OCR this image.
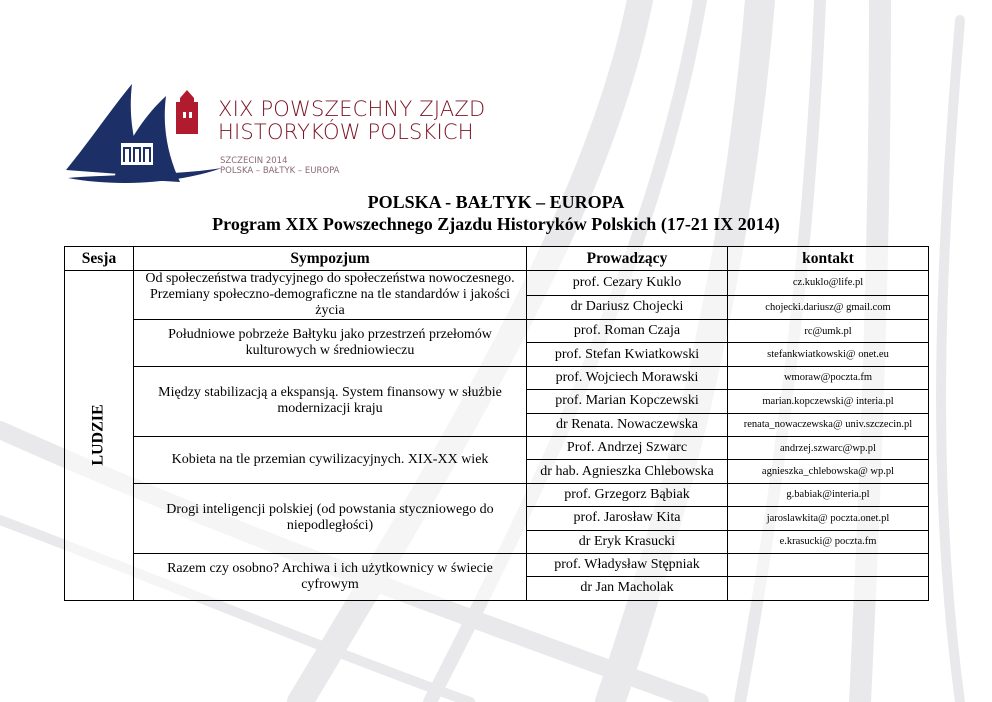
XIX POWSZECHNY ZJAZD
HISTORYKÓW POLSKICH
SZCZECIN 2014
POLSKA – BAŁTYK – EUROPA
POLSKA - BAŁTYK – EUROPA
Program XIX Powszechnego Zjazdu Historyków Polskich (17-21 IX 2014)
Sesja	Sympozjum	Prowadzący	kontakt
LUDZIE	Od społeczeństwa tradycyjnego do społeczeństwa nowoczesnego. Przemiany społeczno-demograficzne na tle standardów i jakości życia	prof. Cezary Kuklo	cz.kuklo@life.pl
		dr Dariusz Chojecki	chojecki.dariusz@ gmail.com
	Południowe pobrzeże Bałtyku jako przestrzeń przełomów kulturowych w średniowieczu	prof. Roman Czaja	rc@umk.pl
		prof. Stefan Kwiatkowski	stefankwiatkowski@ onet.eu
	Między stabilizacją a ekspansją. System finansowy w służbie modernizacji kraju	prof. Wojciech Morawski	wmoraw@poczta.fm
		prof. Marian Kopczewski	marian.kopczewski@ interia.pl
		dr Renata. Nowaczewska	renata_nowaczewska@ univ.szczecin.pl
	Kobieta na tle przemian cywilizacyjnych. XIX-XX wiek	Prof. Andrzej Szwarc	andrzej.szwarc@wp.pl
		dr hab. Agnieszka Chlebowska	agnieszka_chlebowska@ wp.pl
	Drogi inteligencji polskiej (od powstania styczniowego do niepodległości)	prof. Grzegorz Bąbiak	g.babiak@interia.pl
		prof. Jarosław Kita	jaroslawkita@ poczta.onet.pl
		dr Eryk Krasucki	e.krasucki@ poczta.fm
	Razem czy osobno? Archiwa i ich użytkownicy w świecie cyfrowym	prof. Władysław Stępniak	
		dr Jan Macholak	
